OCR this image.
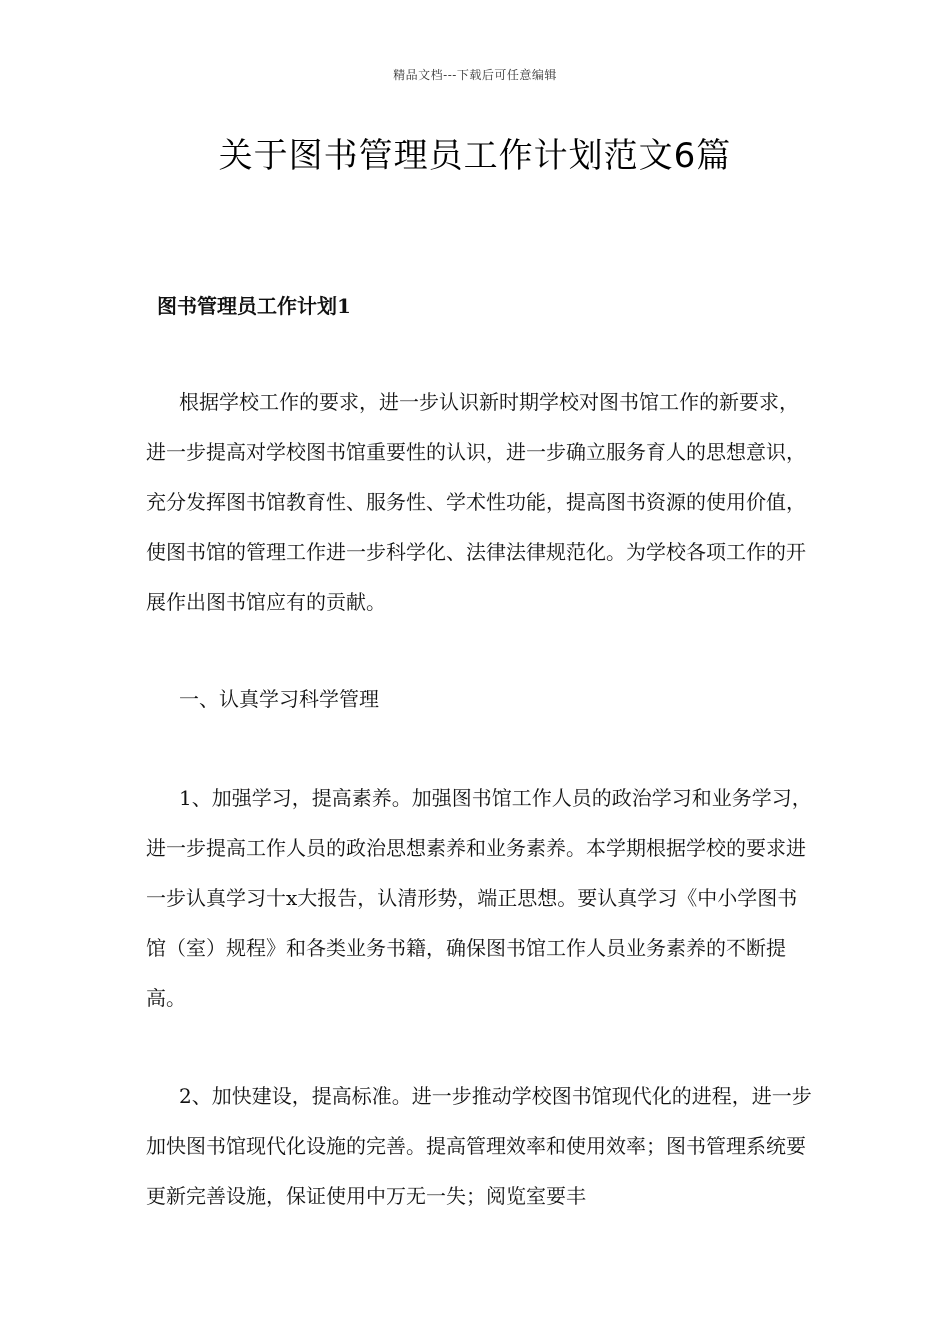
精品文档---下载后可任意编辑
关于图书管理员工作计划范文6篇
图书管理员工作计划1

根据学校工作的要求，进一步认识新时期学校对图书馆工作的新要求，进一步提高对学校图书馆重要性的认识，进一步确立服务育人的思想意识，充分发挥图书馆教育性、服务性、学术性功能，提高图书资源的使用价值，使图书馆的管理工作进一步科学化、法律法律规范化。为学校各项工作的开展作出图书馆应有的贡献。

一、认真学习科学管理

1、加强学习，提高素养。加强图书馆工作人员的政治学习和业务学习，进一步提高工作人员的政治思想素养和业务素养。本学期根据学校的要求进一步认真学习十x大报告，认清形势，端正思想。要认真学习《中小学图书馆（室）规程》和各类业务书籍，确保图书馆工作人员业务素养的不断提高。

2、加快建设，提高标准。进一步推动学校图书馆现代化的进程，进一步加快图书馆现代化设施的完善。提高管理效率和使用效率；图书管理系统要更新完善设施，保证使用中万无一失；阅览室要丰
